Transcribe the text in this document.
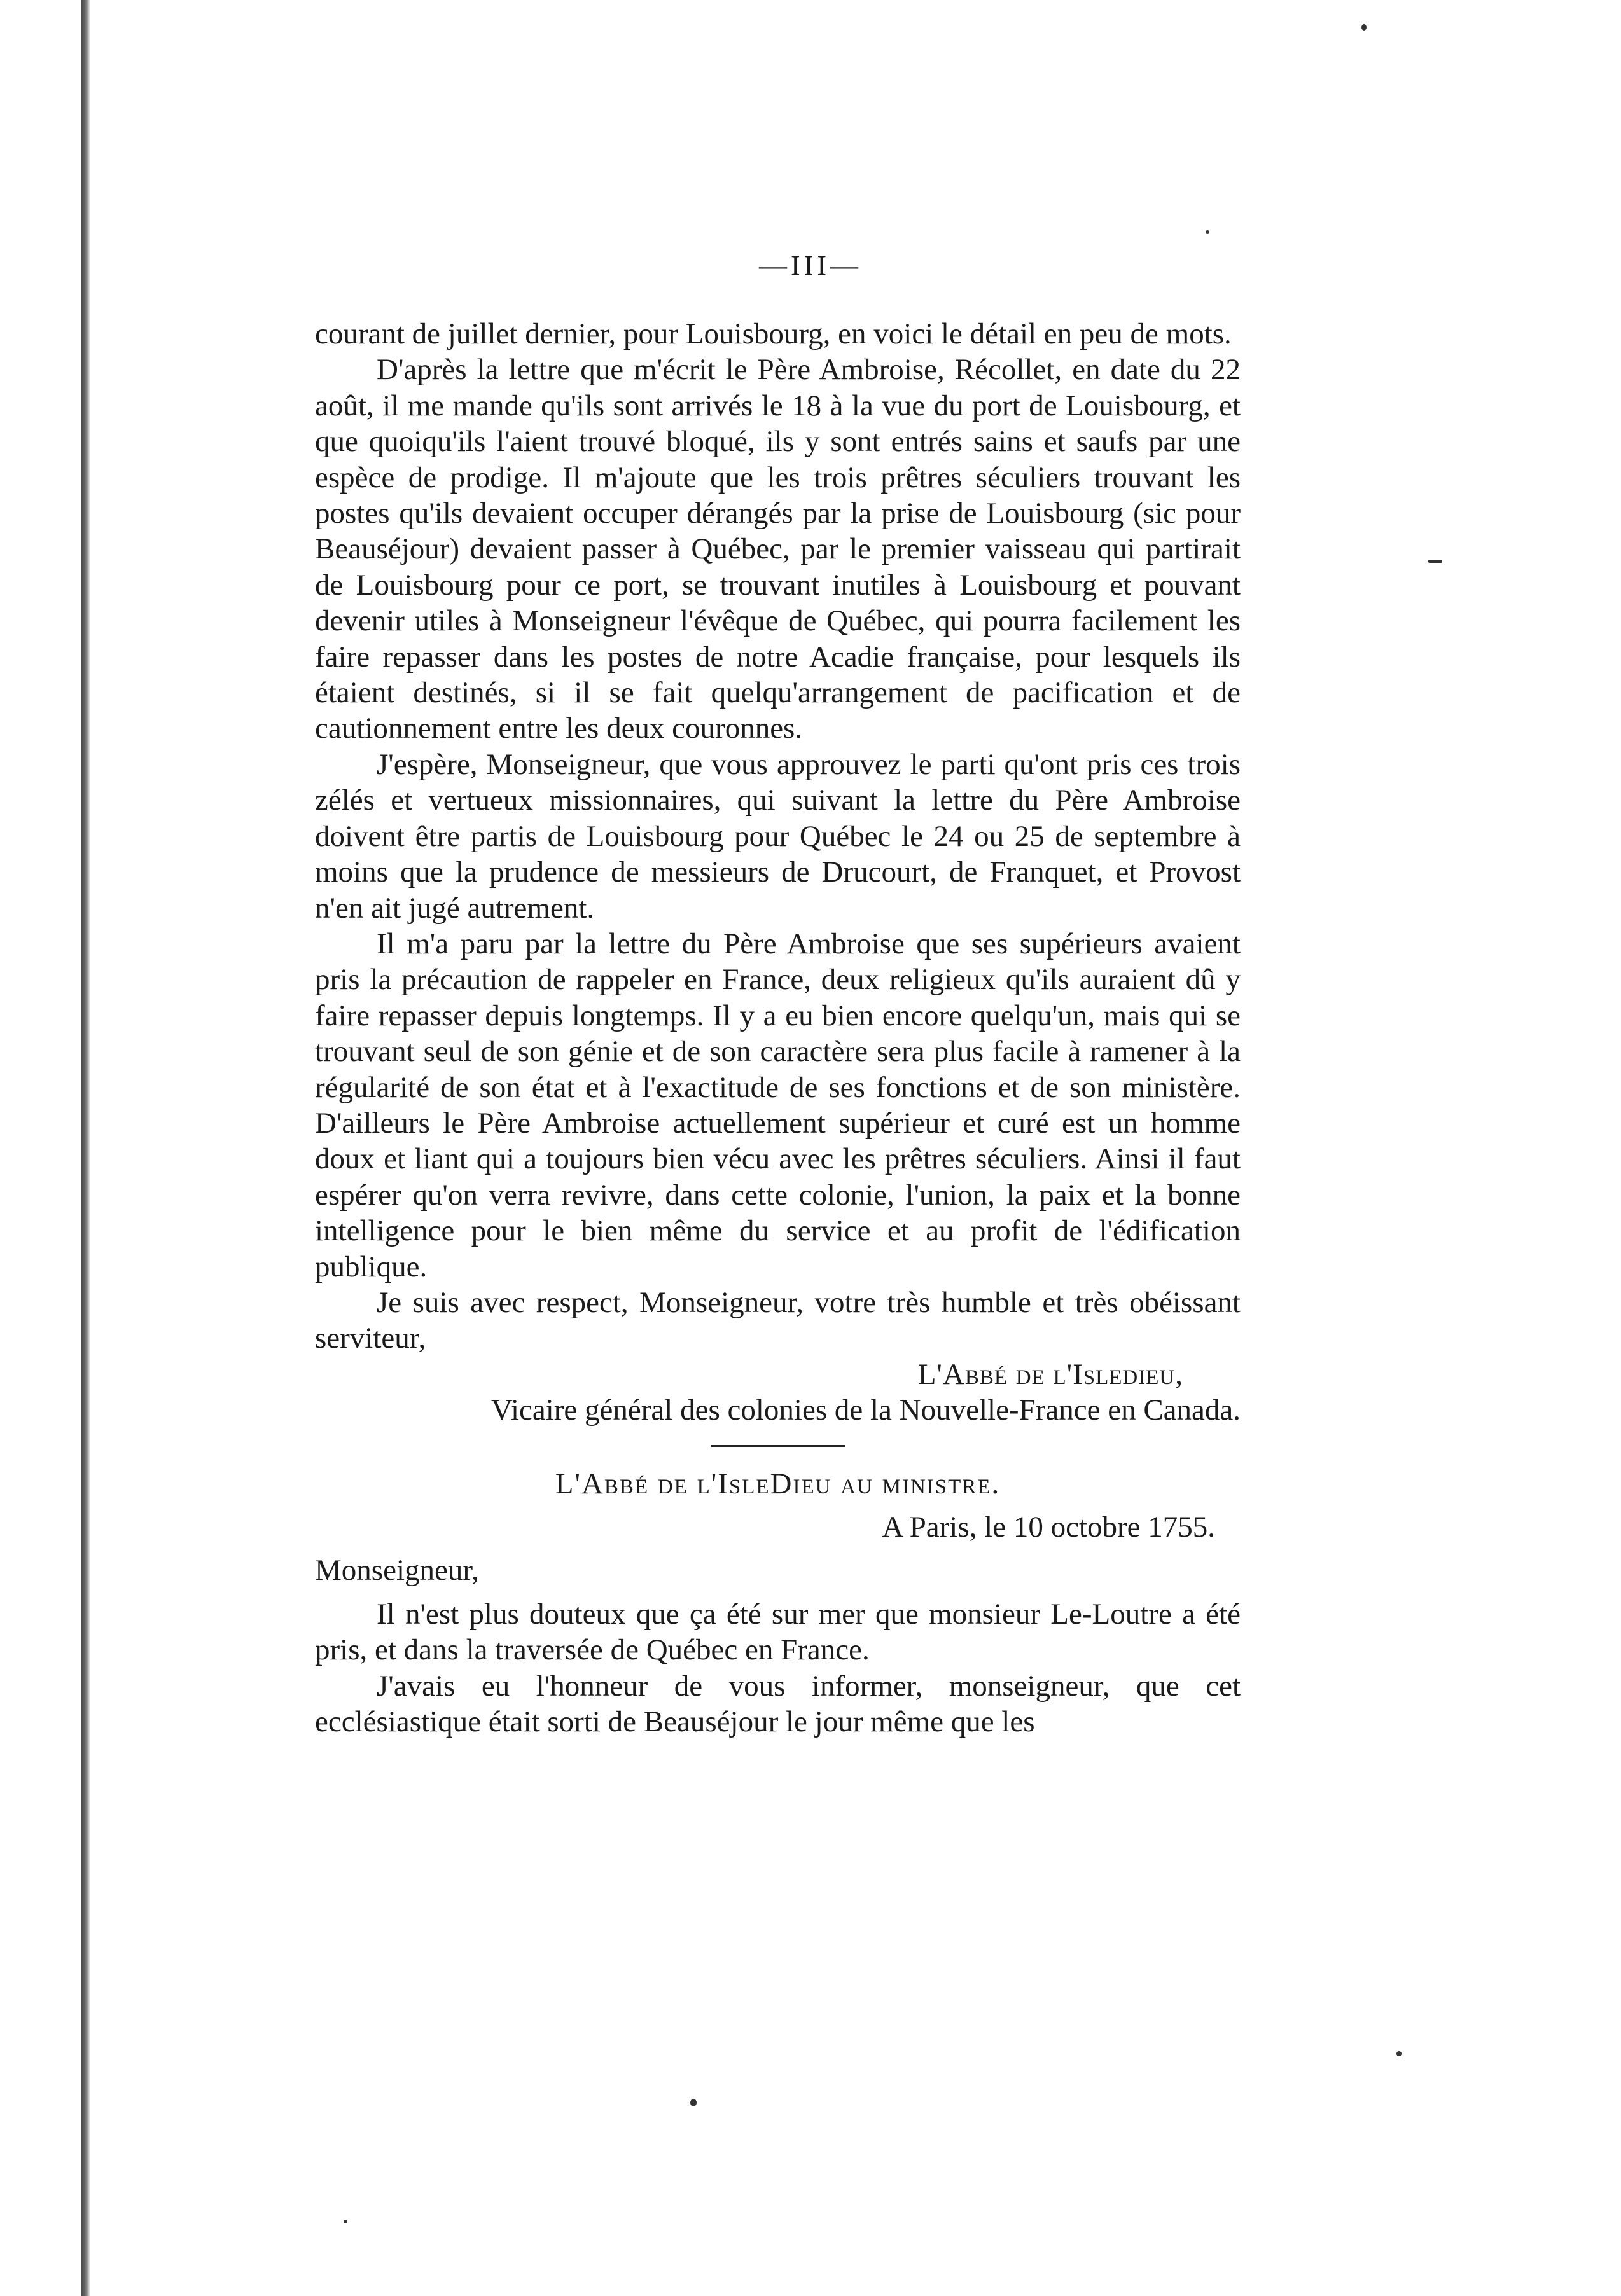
—III—

courant de juillet dernier, pour Louisbourg, en voici le détail en peu de mots.

D'après la lettre que m'écrit le Père Ambroise, Récollet, en date du 22 août, il me mande qu'ils sont arrivés le 18 à la vue du port de Louisbourg, et que quoiqu'ils l'aient trouvé bloqué, ils y sont entrés sains et saufs par une espèce de prodige. Il m'ajoute que les trois prêtres séculiers trouvant les postes qu'ils devaient occuper dérangés par la prise de Louisbourg (sic pour Beauséjour) devaient passer à Québec, par le premier vaisseau qui partirait de Louisbourg pour ce port, se trouvant inutiles à Louisbourg et pouvant devenir utiles à Monseigneur l'évêque de Québec, qui pourra facilement les faire repasser dans les postes de notre Acadie française, pour lesquels ils étaient destinés, si il se fait quelqu'arrangement de pacification et de cautionnement entre les deux couronnes.

J'espère, Monseigneur, que vous approuvez le parti qu'ont pris ces trois zélés et vertueux missionnaires, qui suivant la lettre du Père Ambroise doivent être partis de Louisbourg pour Québec le 24 ou 25 de septembre à moins que la prudence de messieurs de Drucourt, de Franquet, et Provost n'en ait jugé autrement.

Il m'a paru par la lettre du Père Ambroise que ses supérieurs avaient pris la précaution de rappeler en France, deux religieux qu'ils auraient dû y faire repasser depuis longtemps. Il y a eu bien encore quelqu'un, mais qui se trouvant seul de son génie et de son caractère sera plus facile à ramener à la régularité de son état et à l'exactitude de ses fonctions et de son ministère. D'ailleurs le Père Ambroise actuellement supérieur et curé est un homme doux et liant qui a toujours bien vécu avec les prêtres séculiers. Ainsi il faut espérer qu'on verra revivre, dans cette colonie, l'union, la paix et la bonne intelligence pour le bien même du service et au profit de l'édification publique.

Je suis avec respect, Monseigneur, votre très humble et très obéissant serviteur,

L'Abbé de l'Isledieu,

Vicaire général des colonies de la Nouvelle-France en Canada.

L'Abbé de l'IsleDieu au ministre.

A Paris, le 10 octobre 1755.

Monseigneur,

Il n'est plus douteux que ça été sur mer que monsieur Le-Loutre a été pris, et dans la traversée de Québec en France.

J'avais eu l'honneur de vous informer, monseigneur, que cet ecclésiastique était sorti de Beauséjour le jour même que les
